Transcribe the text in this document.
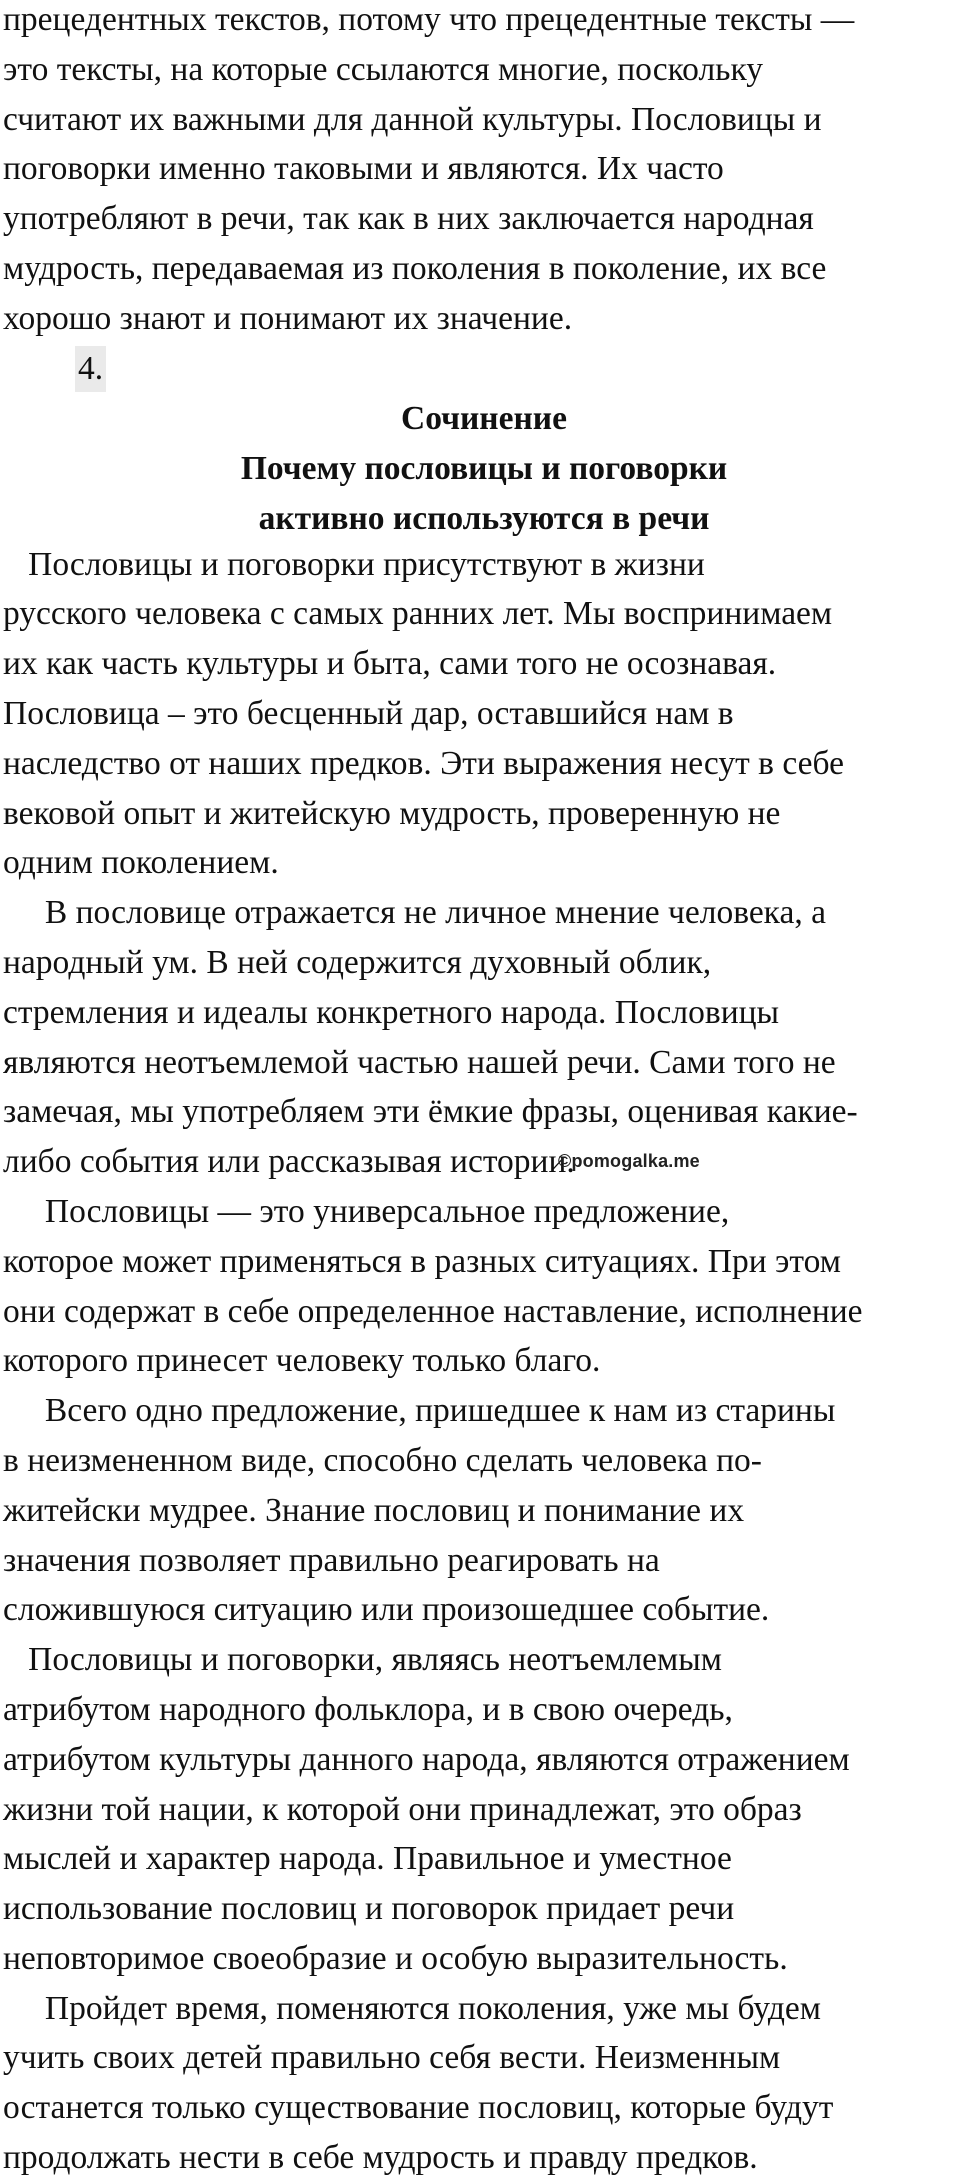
прецедентных текстов, потому что прецедентные тексты —
это тексты, на которые ссылаются многие, поскольку
считают их важными для данной культуры. Пословицы и
поговорки именно таковыми и являются. Их часто
употребляют в речи, так как в них заключается народная
мудрость, передаваемая из поколения в поколение, их все
хорошо знают и понимают их значение.
4.
Сочинение
Почему пословицы и поговорки
активно используются в речи
Пословицы и поговорки присутствуют в жизни
русского человека с самых ранних лет. Мы воспринимаем
их как часть культуры и быта, сами того не осознавая.
Пословица – это бесценный дар, оставшийся нам в
наследство от наших предков. Эти выражения несут в себе
вековой опыт и житейскую мудрость, проверенную не
одним поколением.
В пословице отражается не личное мнение человека, а
народный ум. В ней содержится духовный облик,
стремления и идеалы конкретного народа. Пословицы
являются неотъемлемой частью нашей речи. Сами того не
замечая, мы употребляем эти ёмкие фразы, оценивая какие-
либо события или рассказывая истории.
Пословицы — это универсальное предложение,
которое может применяться в разных ситуациях. При этом
они содержат в себе определенное наставление, исполнение
которого принесет человеку только благо.
Всего одно предложение, пришедшее к нам из старины
в неизмененном виде, способно сделать человека по-
житейски мудрее. Знание пословиц и понимание их
значения позволяет правильно реагировать на
сложившуюся ситуацию или произошедшее событие.
Пословицы и поговорки, являясь неотъемлемым
атрибутом народного фольклора, и в свою очередь,
атрибутом культуры данного народа, являются отражением
жизни той нации, к которой они принадлежат, это образ
мыслей и характер народа. Правильное и уместное
использование пословиц и поговорок придает речи
неповторимое своеобразие и особую выразительность.
Пройдет время, поменяются поколения, уже мы будем
учить своих детей правильно себя вести. Неизменным
останется только существование пословиц, которые будут
продолжать нести в себе мудрость и правду предков.
©pomogalka.me
